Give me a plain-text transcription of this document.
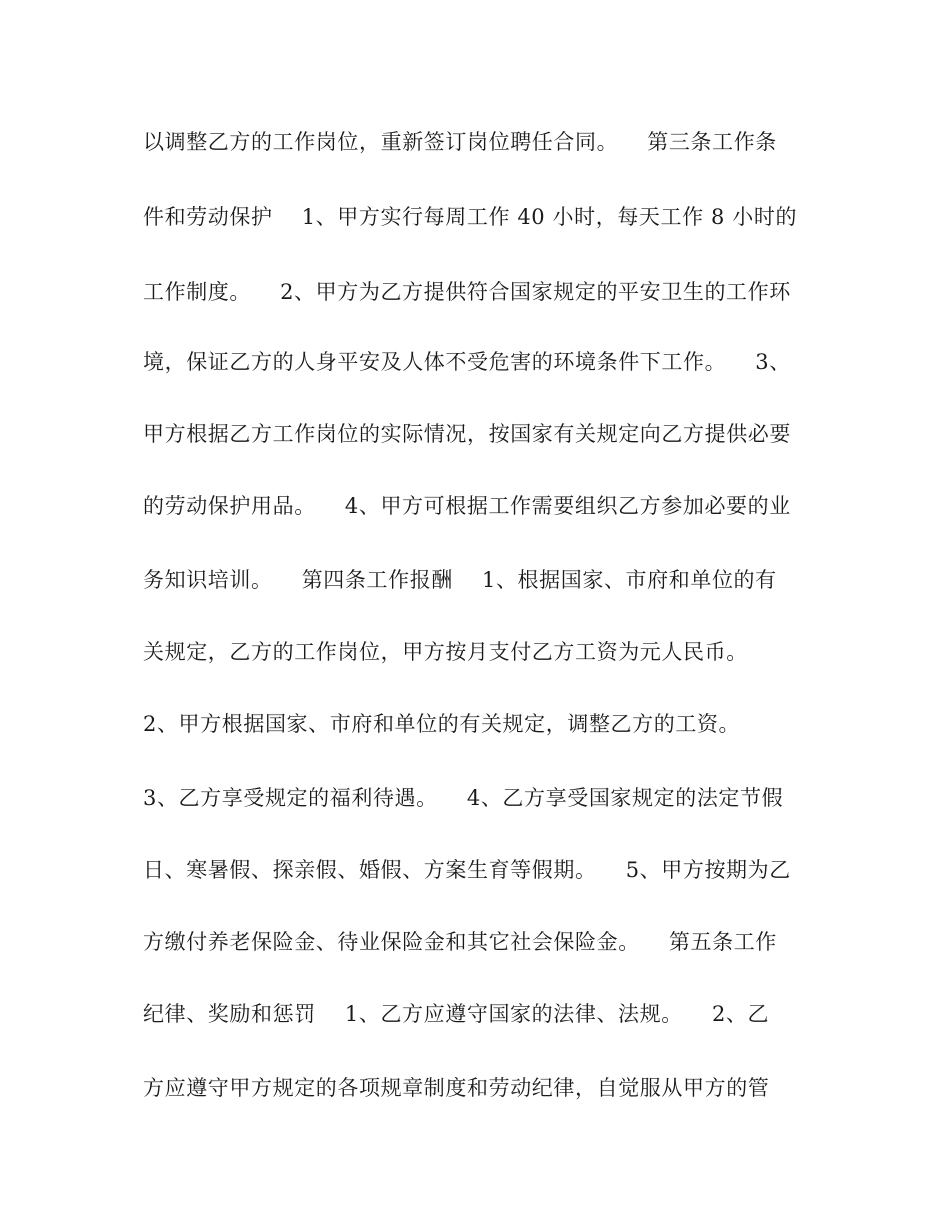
以调整乙方的工作岗位，重新签订岗位聘任合同。    第三条工作条
件和劳动保护    1、甲方实行每周工作 40 小时，每天工作 8 小时的
工作制度。    2、甲方为乙方提供符合国家规定的平安卫生的工作环
境，保证乙方的人身平安及人体不受危害的环境条件下工作。    3、
甲方根据乙方工作岗位的实际情况，按国家有关规定向乙方提供必要
的劳动保护用品。    4、甲方可根据工作需要组织乙方参加必要的业
务知识培训。    第四条工作报酬    1、根据国家、市府和单位的有
关规定，乙方的工作岗位，甲方按月支付乙方工资为元人民币。
2、甲方根据国家、市府和单位的有关规定，调整乙方的工资。
3、乙方享受规定的福利待遇。    4、乙方享受国家规定的法定节假
日、寒暑假、探亲假、婚假、方案生育等假期。    5、甲方按期为乙
方缴付养老保险金、待业保险金和其它社会保险金。    第五条工作
纪律、奖励和惩罚    1、乙方应遵守国家的法律、法规。    2、乙
方应遵守甲方规定的各项规章制度和劳动纪律，自觉服从甲方的管
